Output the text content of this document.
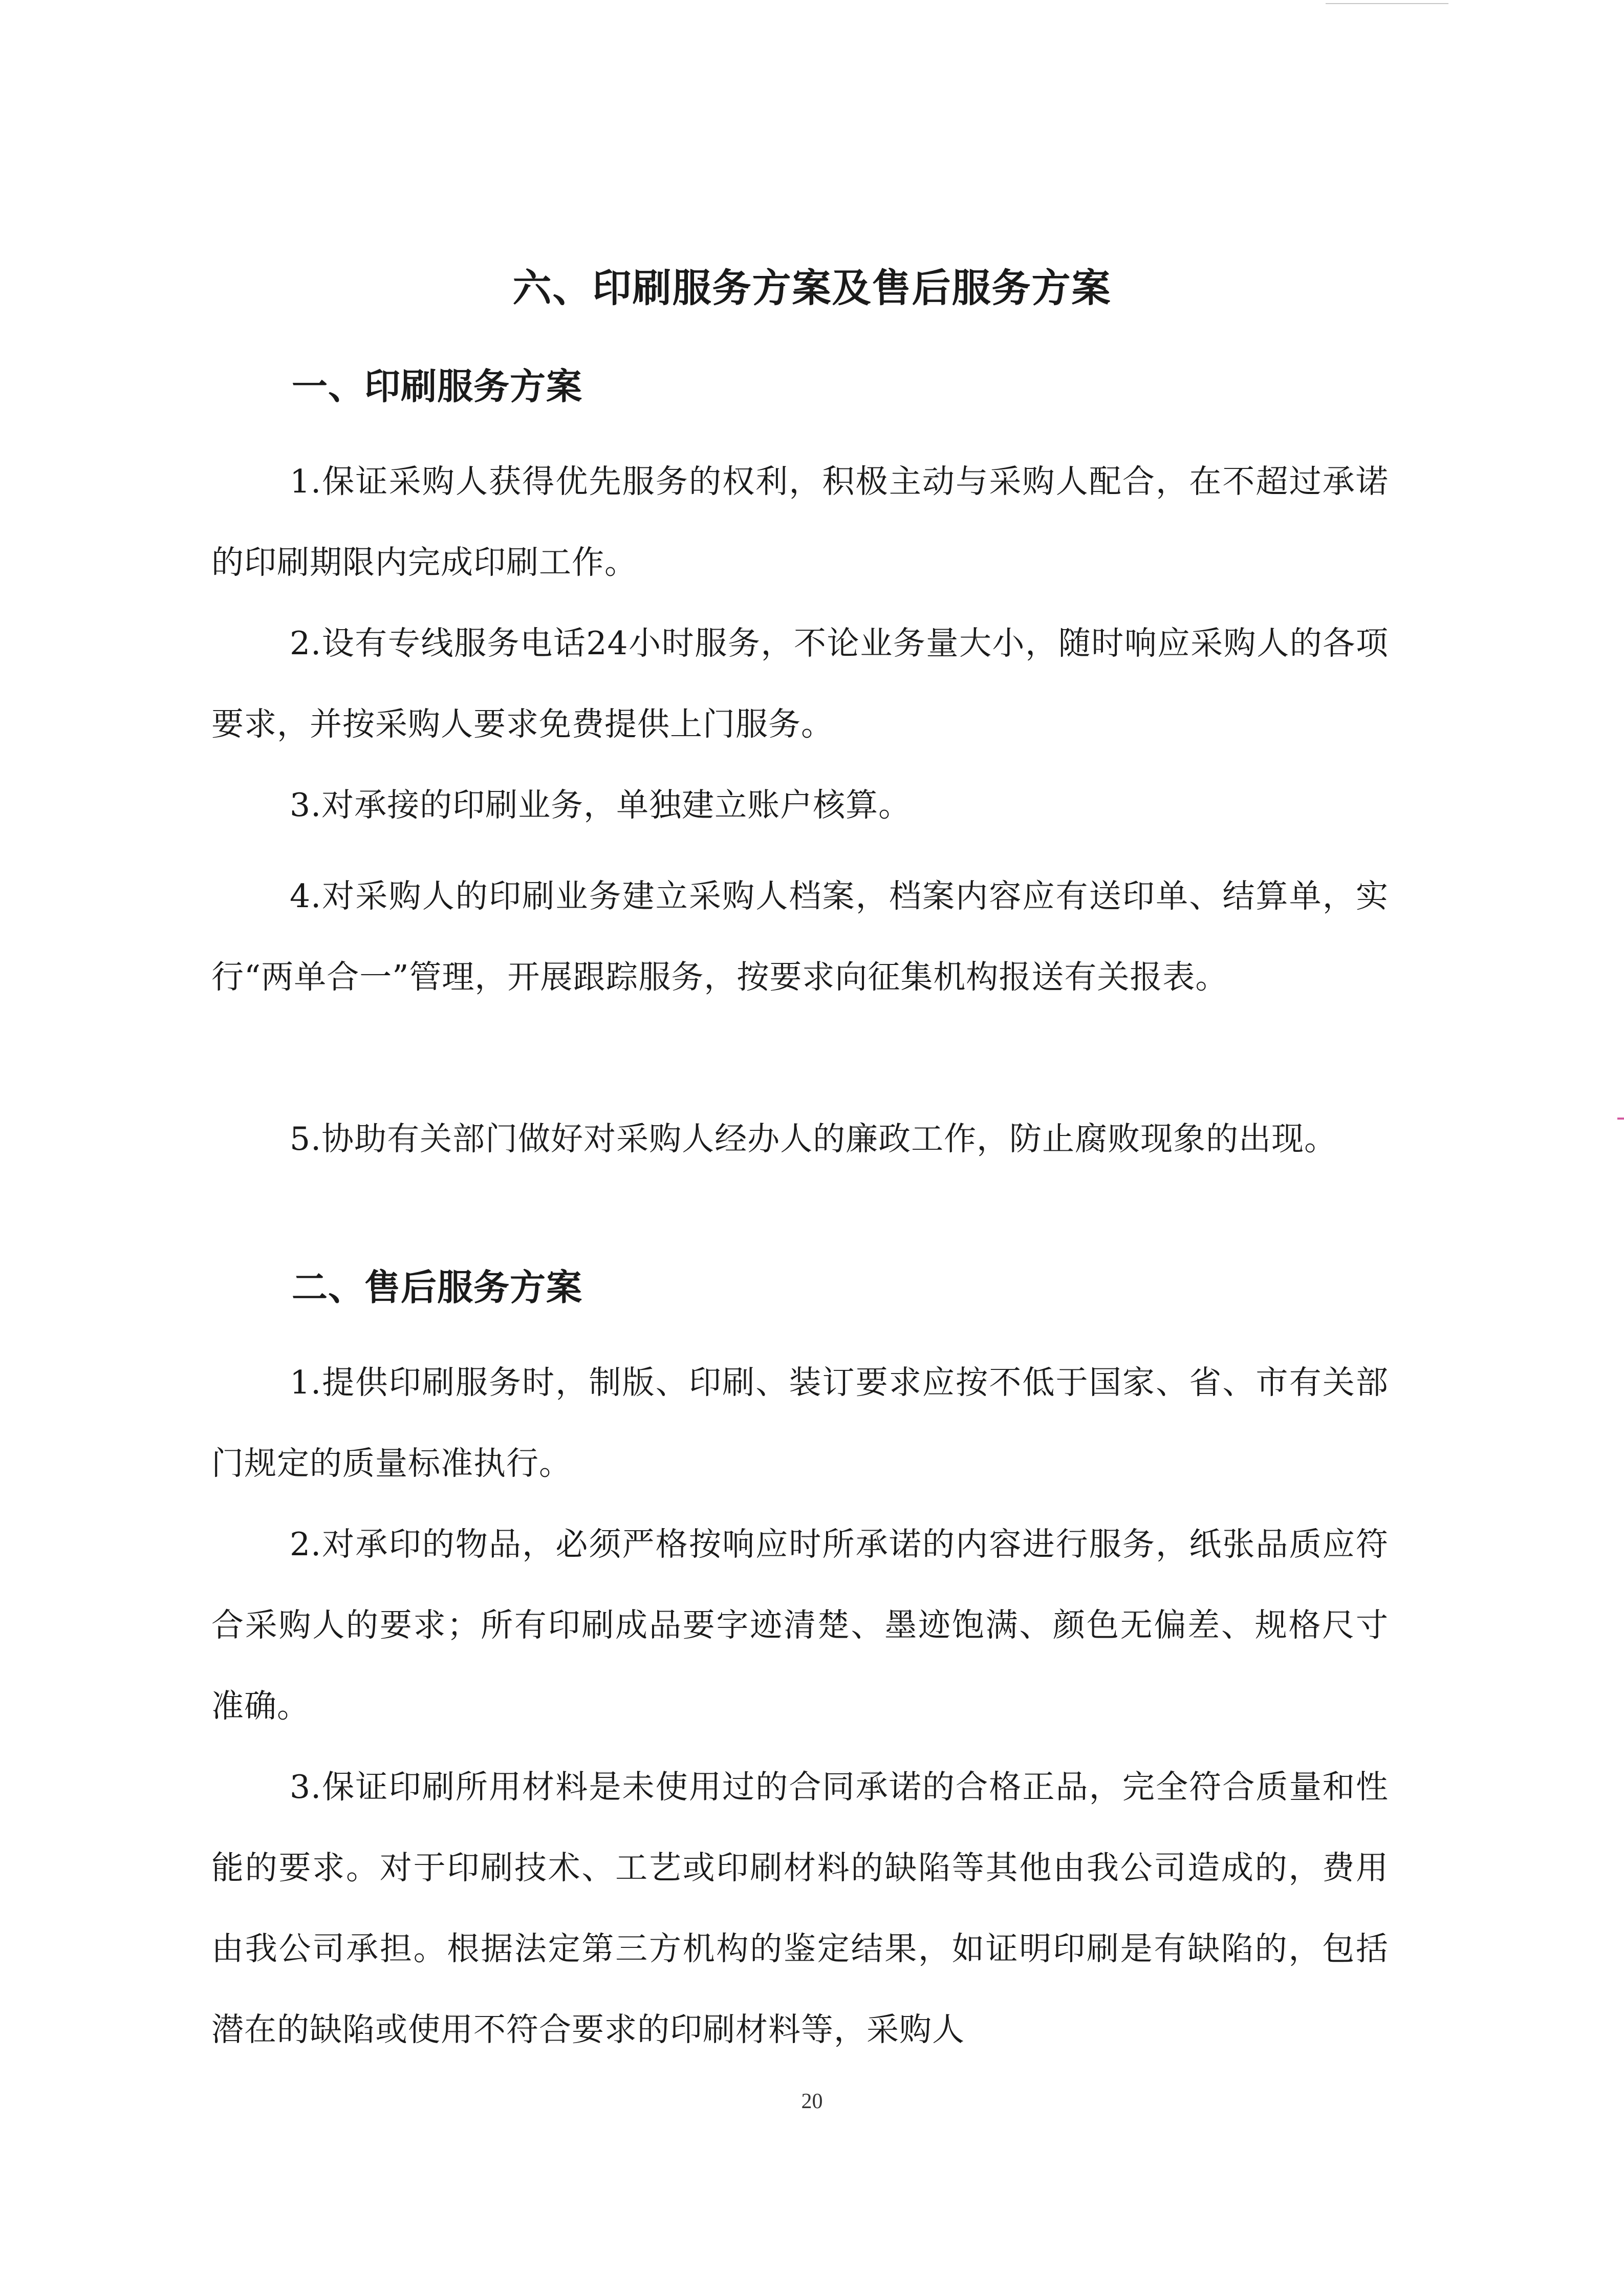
六、印刷服务方案及售后服务方案
一、印刷服务方案

1.保证采购人获得优先服务的权利，积极主动与采购人配合，在不超过承诺的印刷期限内完成印刷工作。

2.设有专线服务电话24小时服务，不论业务量大小，随时响应采购人的各项要求，并按采购人要求免费提供上门服务。

3.对承接的印刷业务，单独建立账户核算。

4.对采购人的印刷业务建立采购人档案，档案内容应有送印单、结算单，实行“两单合一”管理，开展跟踪服务，按要求向征集机构报送有关报表。

5.协助有关部门做好对采购人经办人的廉政工作，防止腐败现象的出现。

二、售后服务方案

1.提供印刷服务时，制版、印刷、装订要求应按不低于国家、省、市有关部门规定的质量标准执行。

2.对承印的物品，必须严格按响应时所承诺的内容进行服务，纸张品质应符合采购人的要求；所有印刷成品要字迹清楚、墨迹饱满、颜色无偏差、规格尺寸准确。

3.保证印刷所用材料是未使用过的合同承诺的合格正品，完全符合质量和性能的要求。对于印刷技术、工艺或印刷材料的缺陷等其他由我公司造成的，费用由我公司承担。根据法定第三方机构的鉴定结果，如证明印刷是有缺陷的，包括潜在的缺陷或使用不符合要求的印刷材料等，采购人

20
